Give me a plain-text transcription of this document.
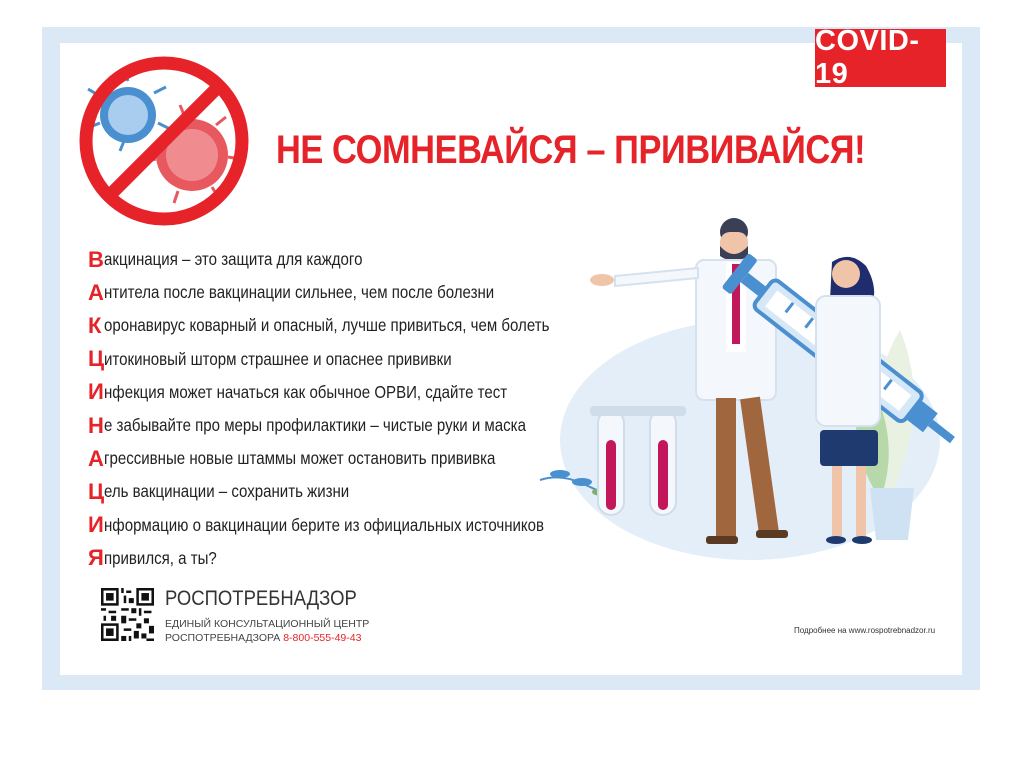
COVID-19
НЕ СОМНЕВАЙСЯ – ПРИВИВАЙСЯ!
В акцинация – это защита для каждого
А нтитела после вакцинации сильнее, чем после болезни
К оронавирус коварный и опасный, лучше привиться, чем болеть
Ц итокиновый шторм страшнее и опаснее прививки
И нфекция может начаться как обычное ОРВИ, сдайте тест
Н е забывайте про меры профилактики – чистые руки и маска
А грессивные новые штаммы может остановить прививка
Ц ель вакцинации – сохранить жизни
И нформацию о вакцинации берите из официальных источников
Я привился, а ты?
РОСПОТРЕБНАДЗОР
ЕДИНЫЙ КОНСУЛЬТАЦИОННЫЙ ЦЕНТР
РОСПОТРЕБНАДЗОРА 8-800-555-49-43
Подробнее на www.rospotrebnadzor.ru
